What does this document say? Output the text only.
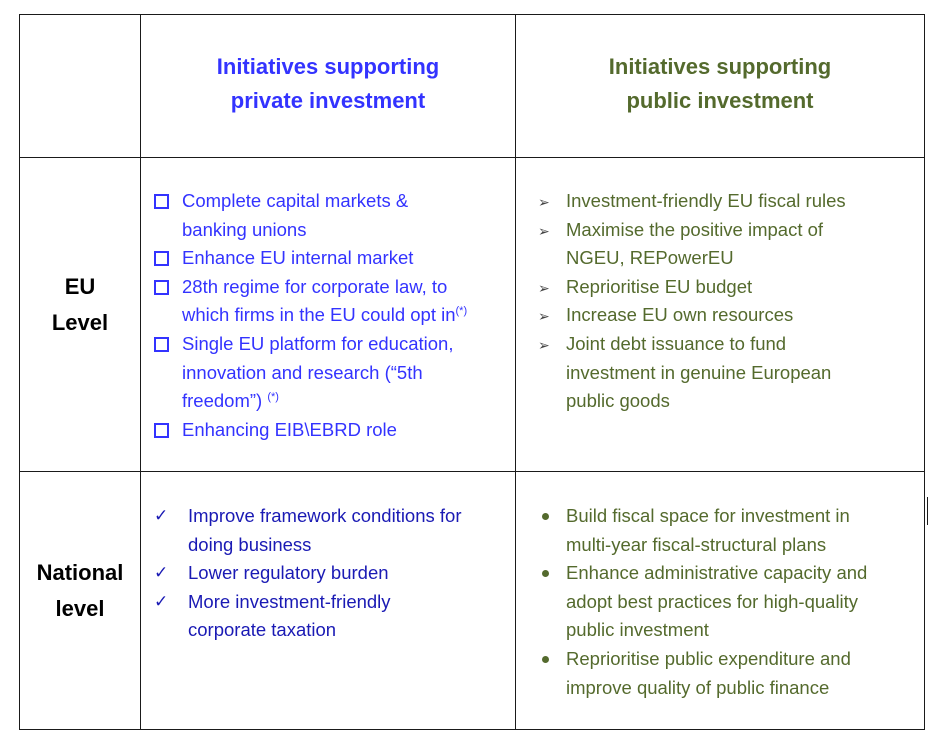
Initiatives supporting
private investment
Initiatives supporting
public investment
EU
Level
Complete capital markets &
banking unions
Enhance EU internal market
28th regime for corporate law, to
which firms in the EU could opt in(*)
Single EU platform for education,
innovation and research (“5th
freedom”) (*)
Enhancing EIB\EBRD role
➢ Investment-friendly EU fiscal rules
➢ Maximise the positive impact of
NGEU, REPowerEU
➢ Reprioritise EU budget
➢ Increase EU own resources
➢ Joint debt issuance to fund
investment in genuine European
public goods
National
level
✓ Improve framework conditions for
doing business
✓ Lower regulatory burden
✓ More investment-friendly
corporate taxation
Build fiscal space for investment in
multi-year fiscal-structural plans
Enhance administrative capacity and
adopt best practices for high-quality
public investment
Reprioritise public expenditure and
improve quality of public finance
